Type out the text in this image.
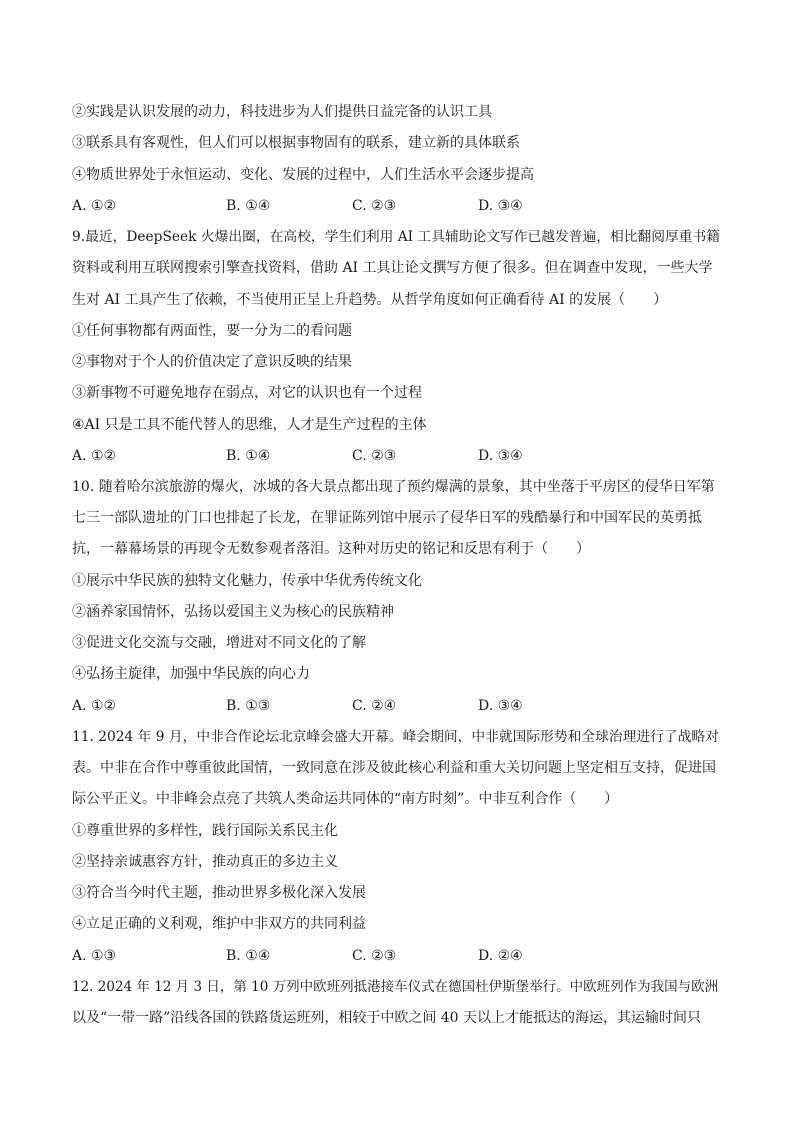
②实践是认识发展的动力，科技进步为人们提供日益完备的认识工具
③联系具有客观性，但人们可以根据事物固有的联系，建立新的具体联系
④物质世界处于永恒运动、变化、发展的过程中，人们生活水平会逐步提高
A. ①②	B. ①④	C. ②③	D. ③④
9.最近，DeepSeek 火爆出圈，在高校，学生们利用 AI 工具辅助论文写作已越发普遍，相比翻阅厚重书籍
资料或利用互联网搜索引擎查找资料，借助 AI 工具让论文撰写方便了很多。但在调查中发现，一些大学
生对 AI 工具产生了依赖，不当使用正呈上升趋势。从哲学角度如何正确看待 AI 的发展（　　）
①任何事物都有两面性，要一分为二的看问题
②事物对于个人的价值决定了意识反映的结果
③新事物不可避免地存在弱点，对它的认识也有一个过程
④AI 只是工具不能代替人的思维，人才是生产过程的主体
A. ①②	B. ①④	C. ②③	D. ③④
10. 随着哈尔滨旅游的爆火，冰城的各大景点都出现了预约爆满的景象，其中坐落于平房区的侵华日军第
七三一部队遗址的门口也排起了长龙，在罪证陈列馆中展示了侵华日军的残酷暴行和中国军民的英勇抵
抗，一幕幕场景的再现令无数参观者落泪。这种对历史的铭记和反思有利于（　　）
①展示中华民族的独特文化魅力，传承中华优秀传统文化
②涵养家国情怀，弘扬以爱国主义为核心的民族精神
③促进文化交流与交融，增进对不同文化的了解
④弘扬主旋律，加强中华民族的向心力
A. ①②	B. ①③	C. ②④	D. ③④
11. 2024 年 9 月，中非合作论坛北京峰会盛大开幕。峰会期间，中非就国际形势和全球治理进行了战略对
表。中非在合作中尊重彼此国情，一致同意在涉及彼此核心利益和重大关切问题上坚定相互支持，促进国
际公平正义。中非峰会点亮了共筑人类命运共同体的“南方时刻”。中非互利合作（　　）
①尊重世界的多样性，践行国际关系民主化
②坚持亲诚惠容方针，推动真正的多边主义
③符合当今时代主题，推动世界多极化深入发展
④立足正确的义利观，维护中非双方的共同利益
A. ①③	B. ①④	C. ②③	D. ②④
12. 2024 年 12 月 3 日，第 10 万列中欧班列抵港接车仪式在德国杜伊斯堡举行。中欧班列作为我国与欧洲
以及“一带一路”沿线各国的铁路货运班列，相较于中欧之间 40 天以上才能抵达的海运，其运输时间只
